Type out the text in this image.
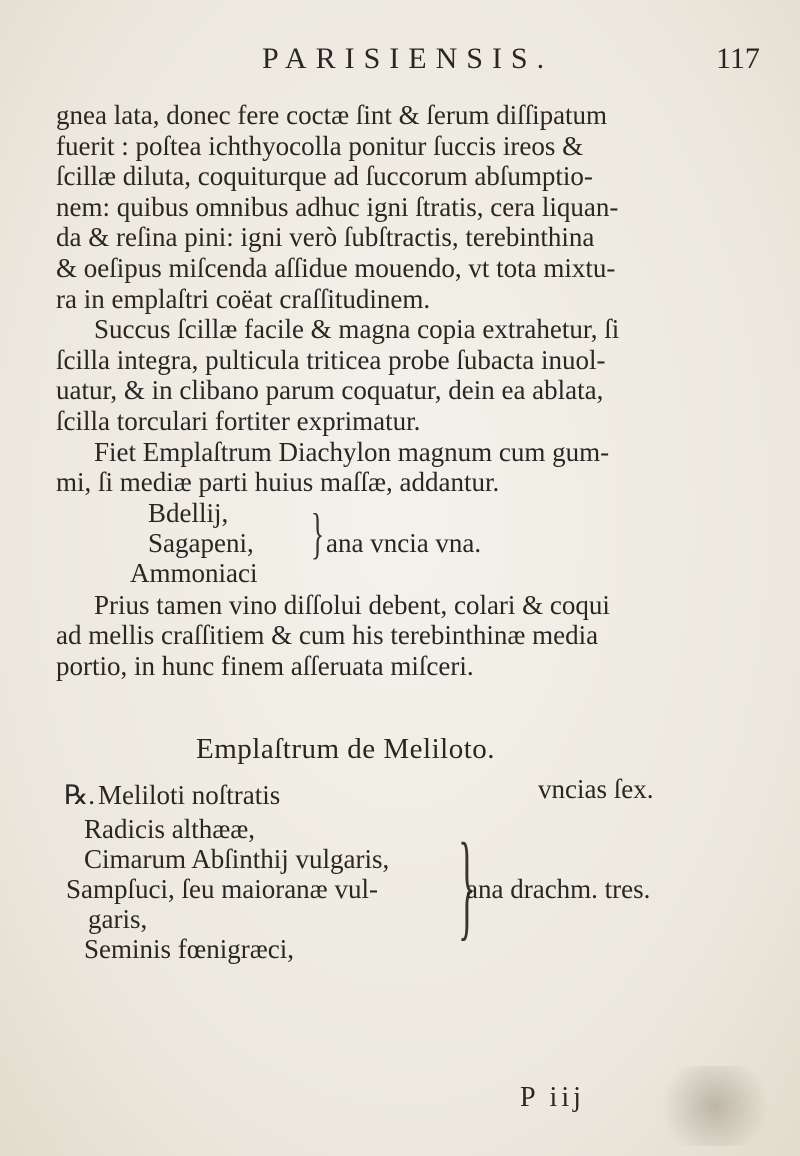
PARISIENSIS.	117
gnea lata, donec fere coctæ ſint & ſerum diſſipatum
fuerit : poſtea ichthyocolla ponitur ſuccis ireos &
ſcillæ diluta, coquiturque ad ſuccorum abſumptio-
nem: quibus omnibus adhuc igni ſtratis, cera liquan-
da & reſina pini: igni verò ſubſtractis, terebinthina
& oeſipus miſcenda aſſidue mouendo, vt tota mixtu-
ra in emplaſtri coëat craſſitudinem.
Succus ſcillæ facile & magna copia extrahetur, ſi
ſcilla integra, pulticula triticea probe ſubacta inuol-
uatur, & in clibano parum coquatur, dein ea ablata,
ſcilla torculari fortiter exprimatur.
Fiet Emplaſtrum Diachylon magnum cum gum-
mi, ſi mediæ parti huius maſſæ, addantur.
Bdellij,
Sagapeni,
Ammoniaci
} ana vncia vna.
Prius tamen vino diſſolui debent, colari & coqui
ad mellis craſſitiem & cum his terebinthinæ media
portio, in hunc finem aſſeruata miſceri.
Emplaſtrum de Meliloto.
℞. Meliloti noſtratis	vncias ſex.
Radicis althææ,
Cimarum Abſinthij vulgaris,
Sampſuci, ſeu maioranæ vul-
garis,
Seminis fœnigræci, }
ana drachm. tres.
P iij
